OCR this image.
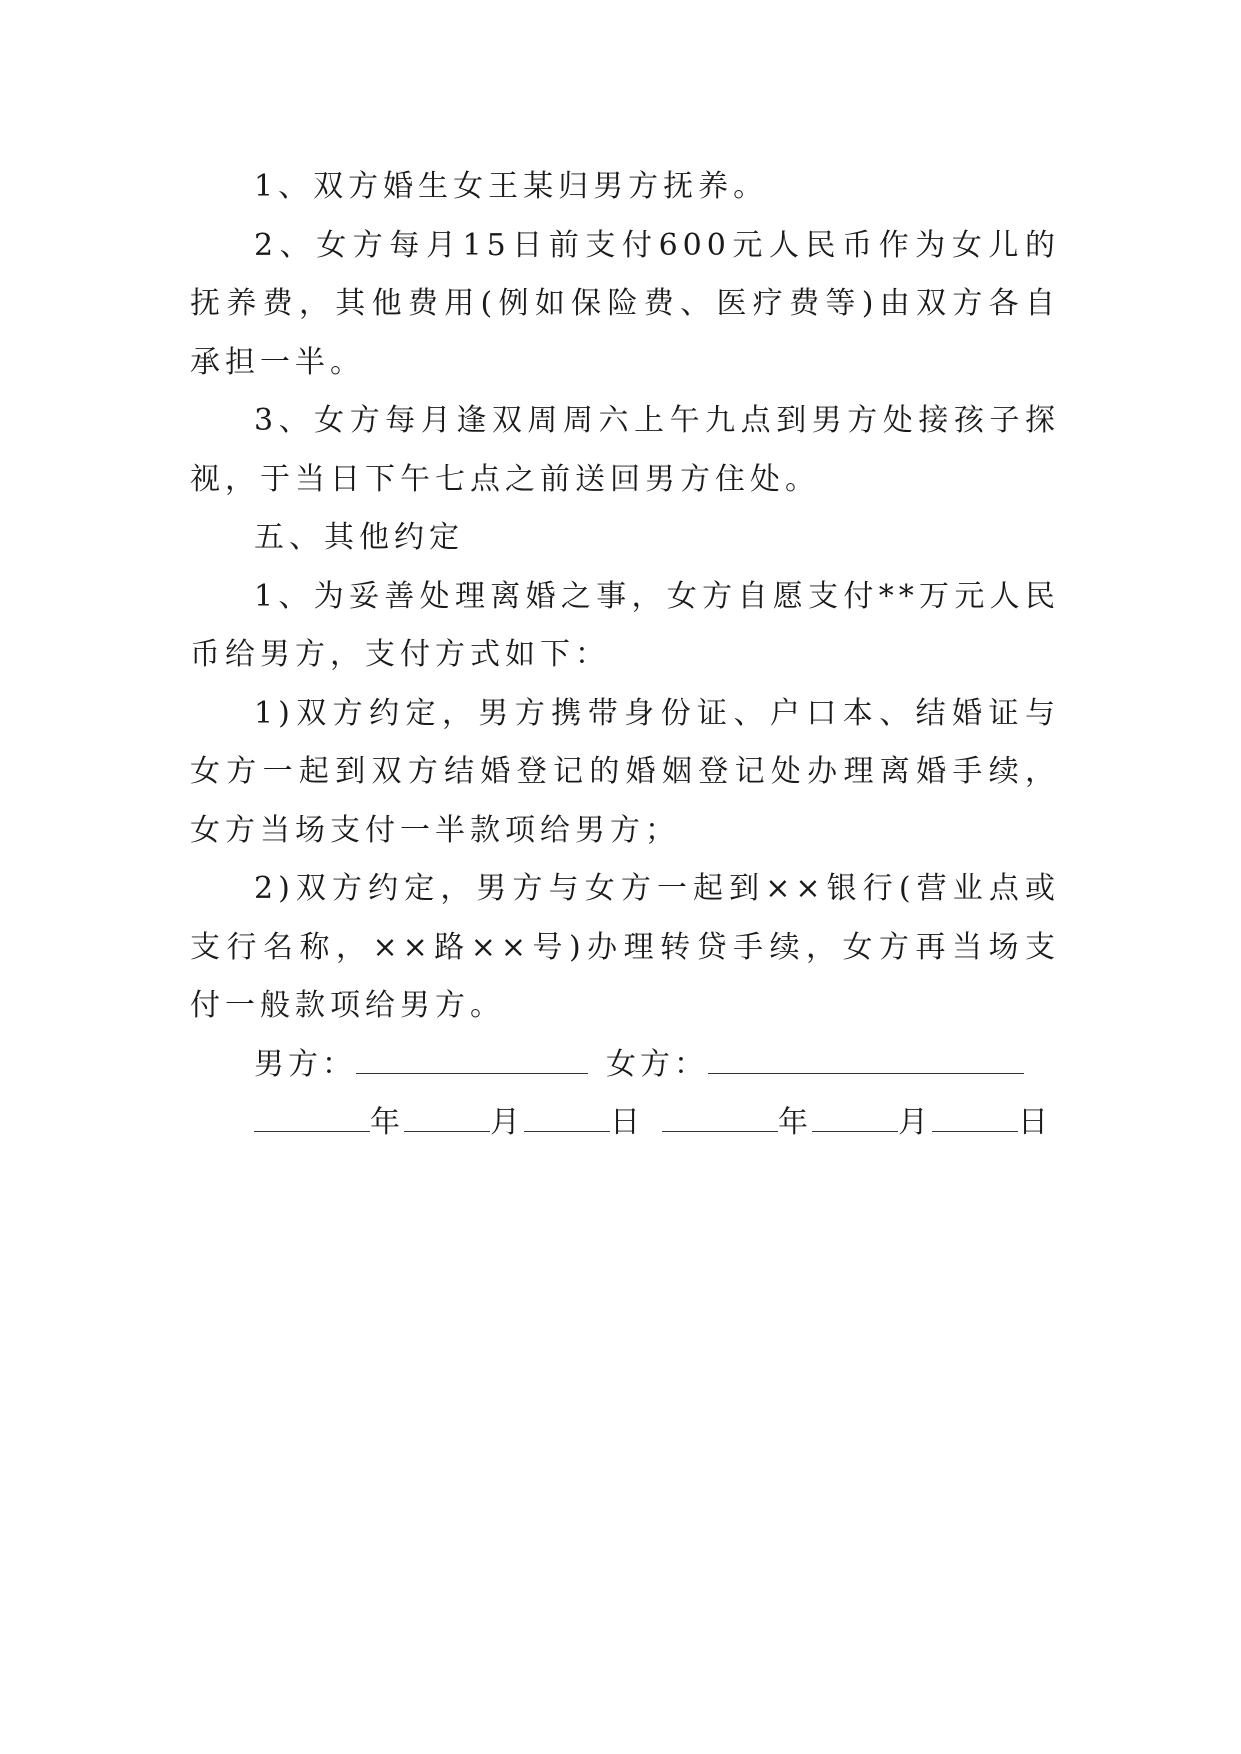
1、双方婚生女王某归男方抚养。

2、女方每月15日前支付600元人民币作为女儿的抚养费，其他费用(例如保险费、医疗费等)由双方各自承担一半。

3、女方每月逢双周周六上午九点到男方处接孩子探视，于当日下午七点之前送回男方住处。

五、其他约定

1、为妥善处理离婚之事，女方自愿支付**万元人民币给男方，支付方式如下：

1)双方约定，男方携带身份证、户口本、结婚证与女方一起到双方结婚登记的婚姻登记处办理离婚手续，女方当场支付一半款项给男方；

2)双方约定，男方与女方一起到××银行(营业点或支行名称，××路××号)办理转贷手续，女方再当场支付一般款项给男方。

男方：	女方：

年	月	日	年	月	日
